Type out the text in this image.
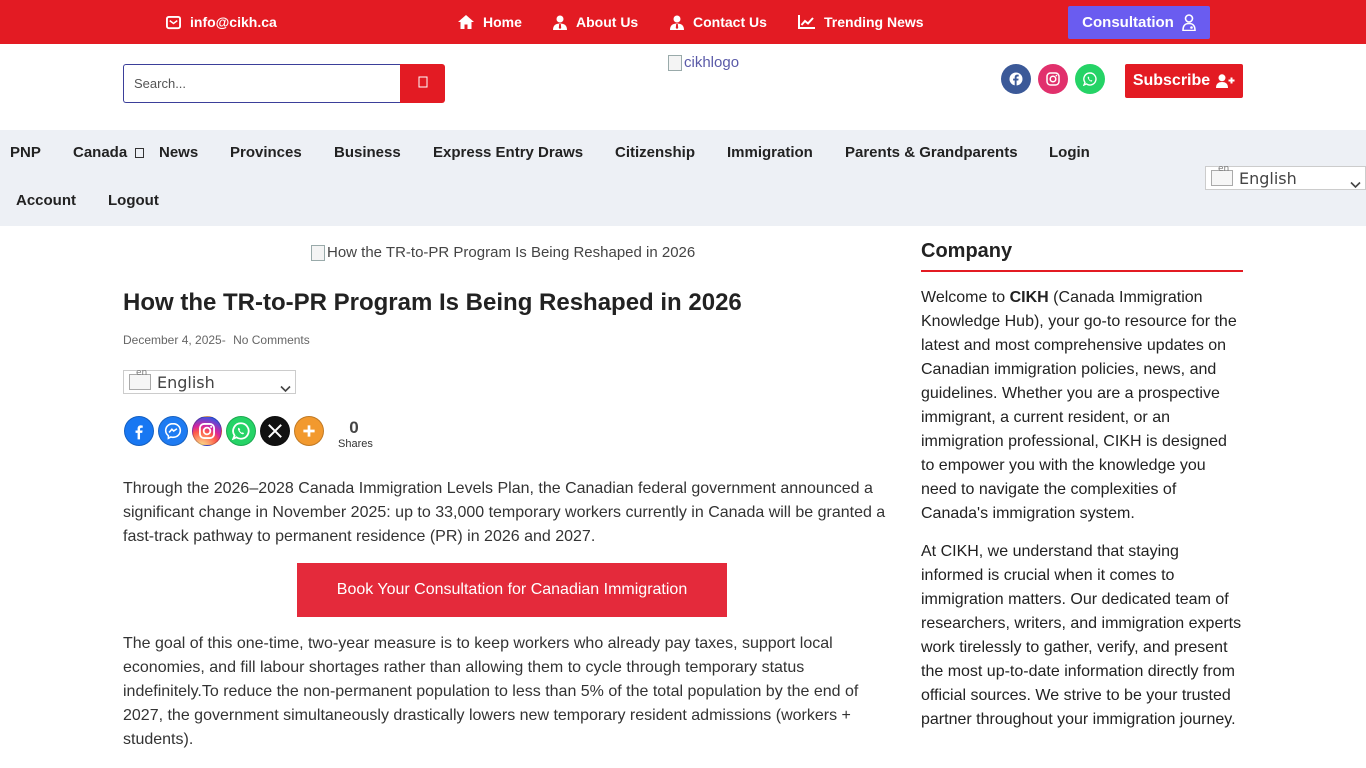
info@cikh.ca	Home	About Us	Contact Us	Trending News	Consultation
Search...
cikhlogo
Subscribe
PNP Canada News Provinces Business Express Entry Draws Citizenship Immigration Parents & Grandparents Login
Account Logout
en
English
How the TR-to-PR Program Is Being Reshaped in 2026
How the TR-to-PR Program Is Being Reshaped in 2026
December 4, 2025- No Comments
en
English
0
Shares

Through the 2026–2028 Canada Immigration Levels Plan, the Canadian federal government announced a significant change in November 2025: up to 33,000 temporary workers currently in Canada will be granted a fast-track pathway to permanent residence (PR) in 2026 and 2027.

Book Your Consultation for Canadian Immigration

The goal of this one-time, two-year measure is to keep workers who already pay taxes, support local economies, and fill labour shortages rather than allowing them to cycle through temporary status indefinitely.To reduce the non-permanent population to less than 5% of the total population by the end of 2027, the government simultaneously drastically lowers new temporary resident admissions (workers + students).

Company

Welcome to CIKH (Canada Immigration Knowledge Hub), your go-to resource for the latest and most comprehensive updates on Canadian immigration policies, news, and guidelines. Whether you are a prospective immigrant, a current resident, or an immigration professional, CIKH is designed to empower you with the knowledge you need to navigate the complexities of Canada's immigration system.

At CIKH, we understand that staying informed is crucial when it comes to immigration matters. Our dedicated team of researchers, writers, and immigration experts work tirelessly to gather, verify, and present the most up-to-date information directly from official sources. We strive to be your trusted partner throughout your immigration journey.
